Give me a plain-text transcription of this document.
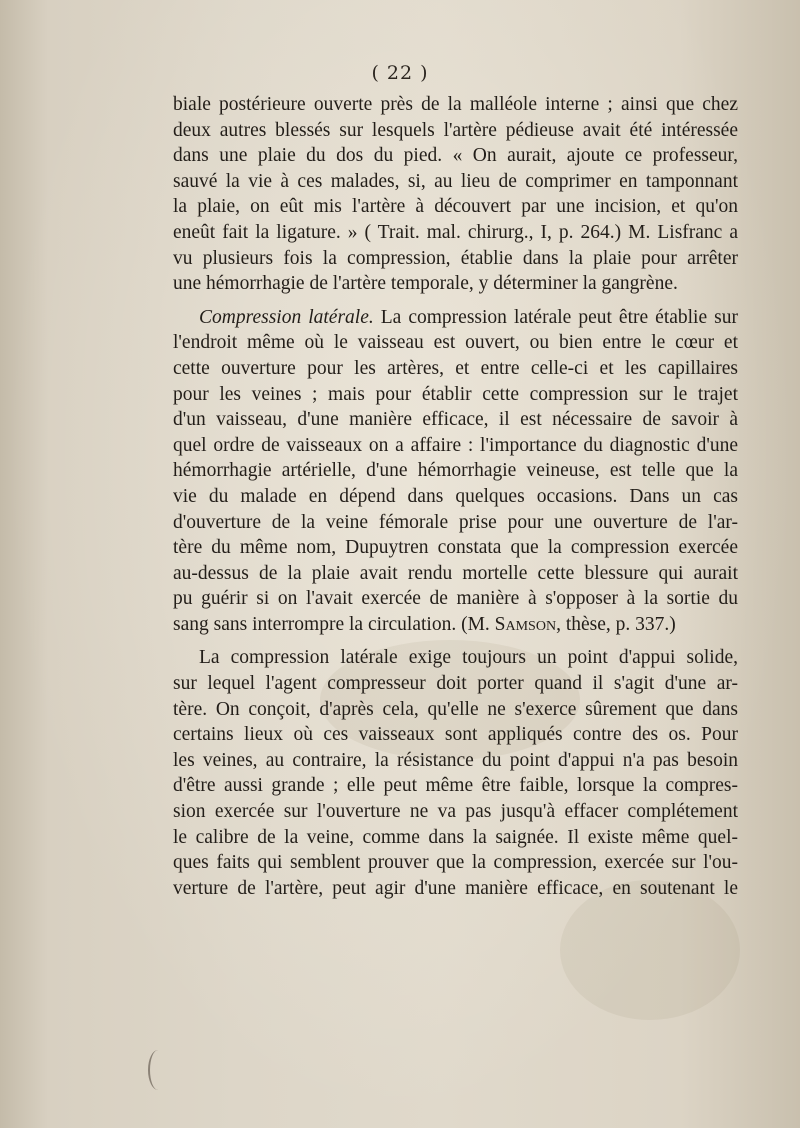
( 22 )

biale postérieure ouverte près de la malléole interne ; ainsi que chez
deux autres blessés sur lesquels l'artère pédieuse avait été intéressée
dans une plaie du dos du pied. « On aurait, ajoute ce professeur,
sauvé la vie à ces malades, si, au lieu de comprimer en tamponnant
la plaie, on eût mis l'artère à découvert par une incision, et qu'on
eneût fait la ligature. » ( Trait. mal. chirurg., I, p. 264.) M. Lisfranc a
vu plusieurs fois la compression, établie dans la plaie pour arrêter
une hémorrhagie de l'artère temporale, y déterminer la gangrène.

Compression latérale. La compression latérale peut être établie sur
l'endroit même où le vaisseau est ouvert, ou bien entre le cœur et
cette ouverture pour les artères, et entre celle-ci et les capillaires
pour les veines ; mais pour établir cette compression sur le trajet
d'un vaisseau, d'une manière efficace, il est nécessaire de savoir à
quel ordre de vaisseaux on a affaire : l'importance du diagnostic d'une
hémorrhagie artérielle, d'une hémorrhagie veineuse, est telle que la
vie du malade en dépend dans quelques occasions. Dans un cas
d'ouverture de la veine fémorale prise pour une ouverture de l'ar-
tère du même nom, Dupuytren constata que la compression exercée
au-dessus de la plaie avait rendu mortelle cette blessure qui aurait
pu guérir si on l'avait exercée de manière à s'opposer à la sortie du
sang sans interrompre la circulation. (M. Samson, thèse, p. 337.)

La compression latérale exige toujours un point d'appui solide,
sur lequel l'agent compresseur doit porter quand il s'agit d'une ar-
tère. On conçoit, d'après cela, qu'elle ne s'exerce sûrement que dans
certains lieux où ces vaisseaux sont appliqués contre des os. Pour
les veines, au contraire, la résistance du point d'appui n'a pas besoin
d'être aussi grande ; elle peut même être faible, lorsque la compres-
sion exercée sur l'ouverture ne va pas jusqu'à effacer complétement
le calibre de la veine, comme dans la saignée. Il existe même quel-
ques faits qui semblent prouver que la compression, exercée sur l'ou-
verture de l'artère, peut agir d'une manière efficace, en soutenant le
